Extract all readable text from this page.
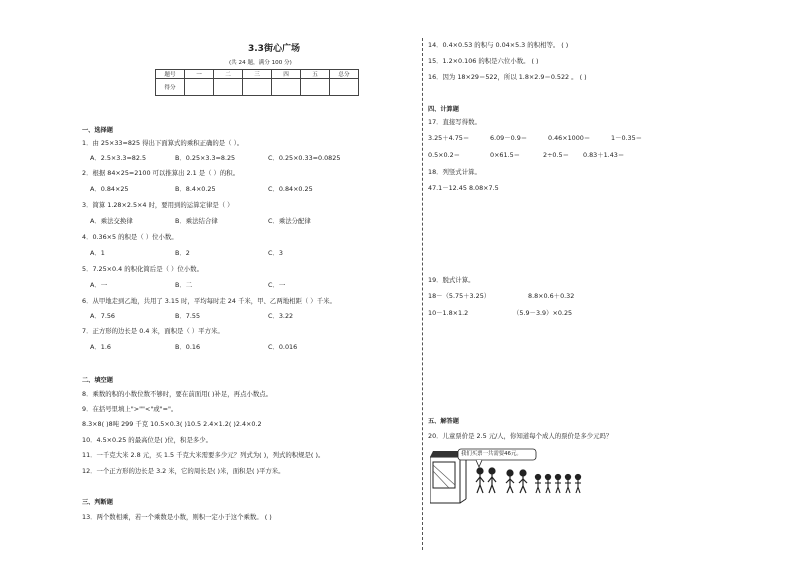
3.3街心广场
(共 24 题，满分 100 分)
题号	一	二	三	四	五	总分
得分						
一、选择题
1．由 25×33=825 得出下面算式的乘积正确的是（ ）。
A．2.5×3.3=82.5	B．0.25×3.3=8.25	C．0.25×0.33=0.0825
2．根据 84×25=2100 可以推算出 2.1 是（ ）的积。
A．0.84×25	B．8.4×0.25	C．0.84×0.25
3．简算 1.28×2.5×4 时，要用到的运算定律是（ ）
A．乘法交换律	B．乘法结合律	C．乘法分配律
4．0.36×5 的积是（ ）位小数。
A．1	B．2	C．3
5．7.25×0.4 的积化简后是（ ）位小数。
A．一	B．二	C．一
6．从甲地走到乙地，共用了 3.15 时，平均每时走 24 千米，甲、乙两地相距（ ）千米。
A．7.56	B．7.55	C．3.22
7．正方形的边长是 0.4 米，面积是（ ）平方米。
A．1.6	B．0.16	C．0.016
二、填空题
8．乘数的积的小数位数不够时，要在前面用( )补足，再点小数点。
9．在括号里填上">""<"或"="。
8.3×8( )8吨 299 千克 10.5×0.3( )10.5 2.4×1.2( )2.4×0.2
10．4.5×0.25 的最高位是( )位，积是多少。
11．一千克大米 2.8 元，买 1.5 千克大米需要多少元？列式为( )，列式的积规是( )。
12．一个正方形的边长是 3.2 米，它的周长是( )米，面积是( )平方米。
三、判断题
13．两个数相乘，若一个乘数是小数，则积一定小于这个乘数。 ( )
14．0.4×0.53 的积与 0.04×5.3 的积相等。 ( )
15．1.2×0.106 的积是六位小数。 ( )
16．因为 18×29＝522，所以 1.8×2.9＝0.522 。 ( )
四、计算题
17．直接写得数。
3.25＋4.75＝	6.09－0.9＝	0.46×1000＝	1－0.35＝
0.5×0.2＝	0×61.5＝	2÷0.5＝ 0.83＋1.43＝
18．列竖式计算。
47.1－12.45 8.08×7.5
19．脱式计算。
18－（5.75＋3.25）	8.8×0.6＋0.32
10－1.8×1.2	（5.9－3.9）×0.25
五、解答题
20．儿童票价是 2.5 元/人，你知道每个成人的票价是多少元吗？
我们买票一共需要46元。
